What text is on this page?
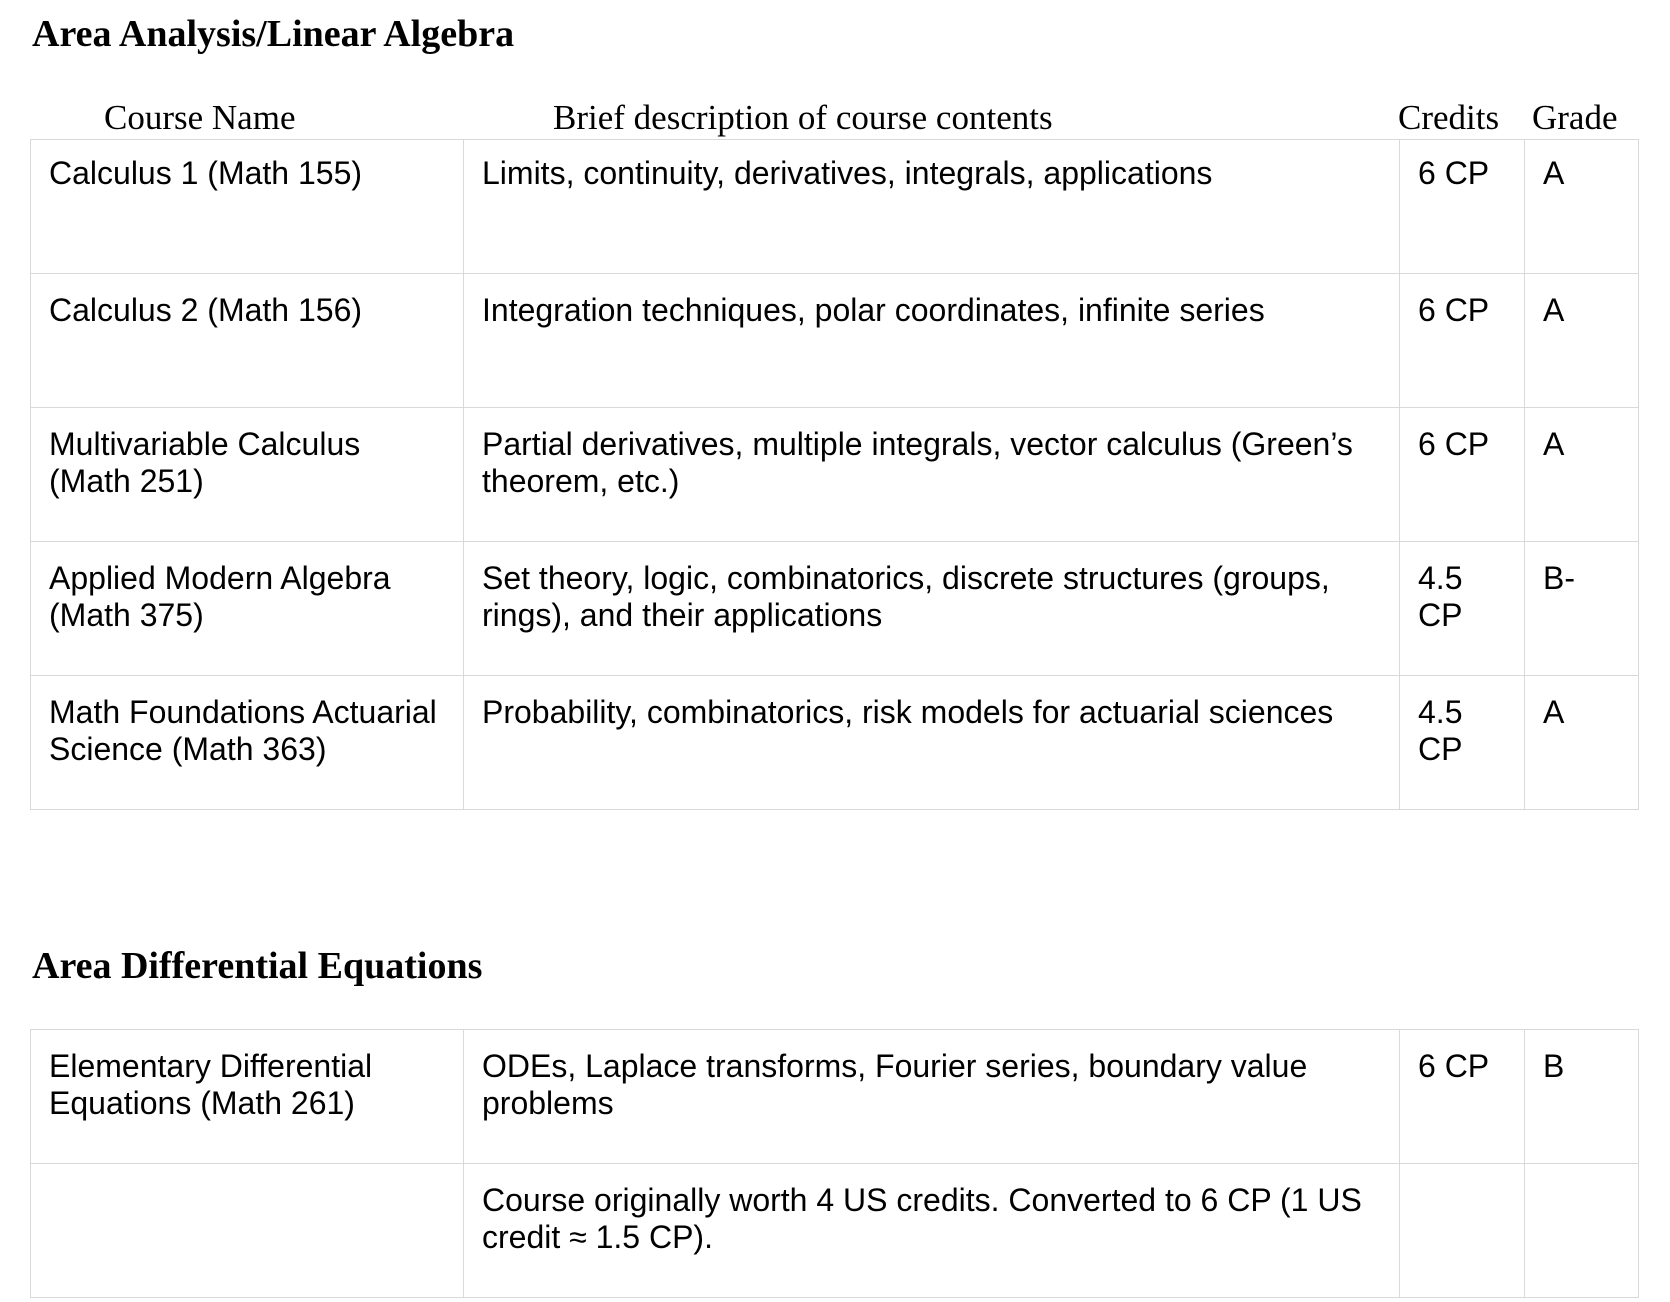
Area Analysis/Linear Algebra
Course Name	Brief description of course contents	Credits Grade
Calculus 1 (Math 155)	Limits, continuity, derivatives, integrals, applications	6 CP	A
Calculus 2 (Math 156)	Integration techniques, polar coordinates, infinite series	6 CP	A
Multivariable Calculus (Math 251)	Partial derivatives, multiple integrals, vector calculus (Green’s theorem, etc.)	6 CP	A
Applied Modern Algebra (Math 375)	Set theory, logic, combinatorics, discrete structures (groups, rings), and their applications	4.5 CP	B-
Math Foundations Actuarial Science (Math 363)	Probability, combinatorics, risk models for actuarial sciences	4.5 CP	A
Area Differential Equations
Elementary Differential Equations (Math 261)	ODEs, Laplace transforms, Fourier series, boundary value problems	6 CP	B
	Course originally worth 4 US credits. Converted to 6 CP (1 US credit ≈ 1.5 CP).		
